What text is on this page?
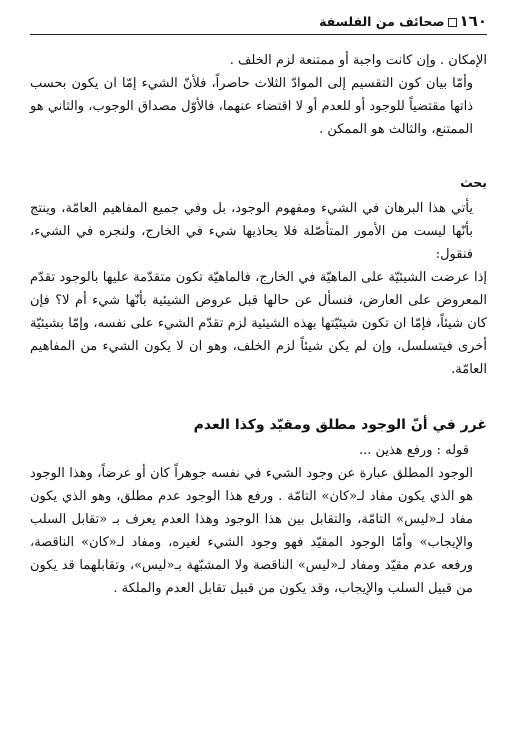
١٦٠صحائف من الفلسفة

الإمكان . وإن كانت واجبة أو ممتنعة لزم الخلف .

وأمّا بيان كون التقسيم إلى الموادّ الثلاث حاصراً، فلأنّ الشيء إمّا ان يكون بحسب ذاتها مقتضياً للوجود أو للعدم أو لا اقتضاء عنهما، فالأوّل مصداق الوجوب، والثاني هو الممتنع، والثالث هو الممكن .

بحث

يأتي هذا البرهان في الشيء ومفهوم الوجود، بل وفي جميع المفاهيم العامّة، وينتج بأنّها ليست من الأمور المتأصّلة فلا يحاذيها شيء في الخارج، ولنجره في الشيء، فنقول:

إذا عرضت الشيئيّة على الماهيّة في الخارج، فالماهيّة تكون متقدّمة عليها بالوجود تقدّم المعروض على العارض، فنسأل عن حالها قبل عروض الشيئية بأنّها شيء أم لا؟ فإن كان شيئاً، فإمّا ان تكون شيئيّتها بهذه الشيئية لزم تقدّم الشيء على نفسه، وإمّا بشيئيّة أخرى فيتسلسل، وإن لم يكن شيئاً لزم الخلف، وهو ان لا يكون الشيء من المفاهيم العامّة.

غرر في أنّ الوجود مطلق ومقيّد وكذا العدم
قوله : ورفع هذين ...

الوجود المطلق عبارة عن وجود الشيء في نفسه جوهراً كان أو عرضاً، وهذا الوجود هو الذي يكون مفاد لـ«كان» التامّة . ورفع هذا الوجود عدم مطلق، وهو الذي يكون مفاد لـ«ليس» التامّة، والتقابل بين هذا الوجود وهذا العدم يعرف بـ «تقابل السلب والإيجاب» وأمّا الوجود المقيّد فهو وجود الشيء لغيره، ومفاد لـ«كان» الناقصة، ورفعه عدم مقيّد ومفاد لـ«ليس» الناقصة ولا المشبّهة بـ«ليس»، وتقابلهما قد يكون من قبيل السلب والإيجاب، وقد يكون من قبيل تقابل العدم والملكة .
